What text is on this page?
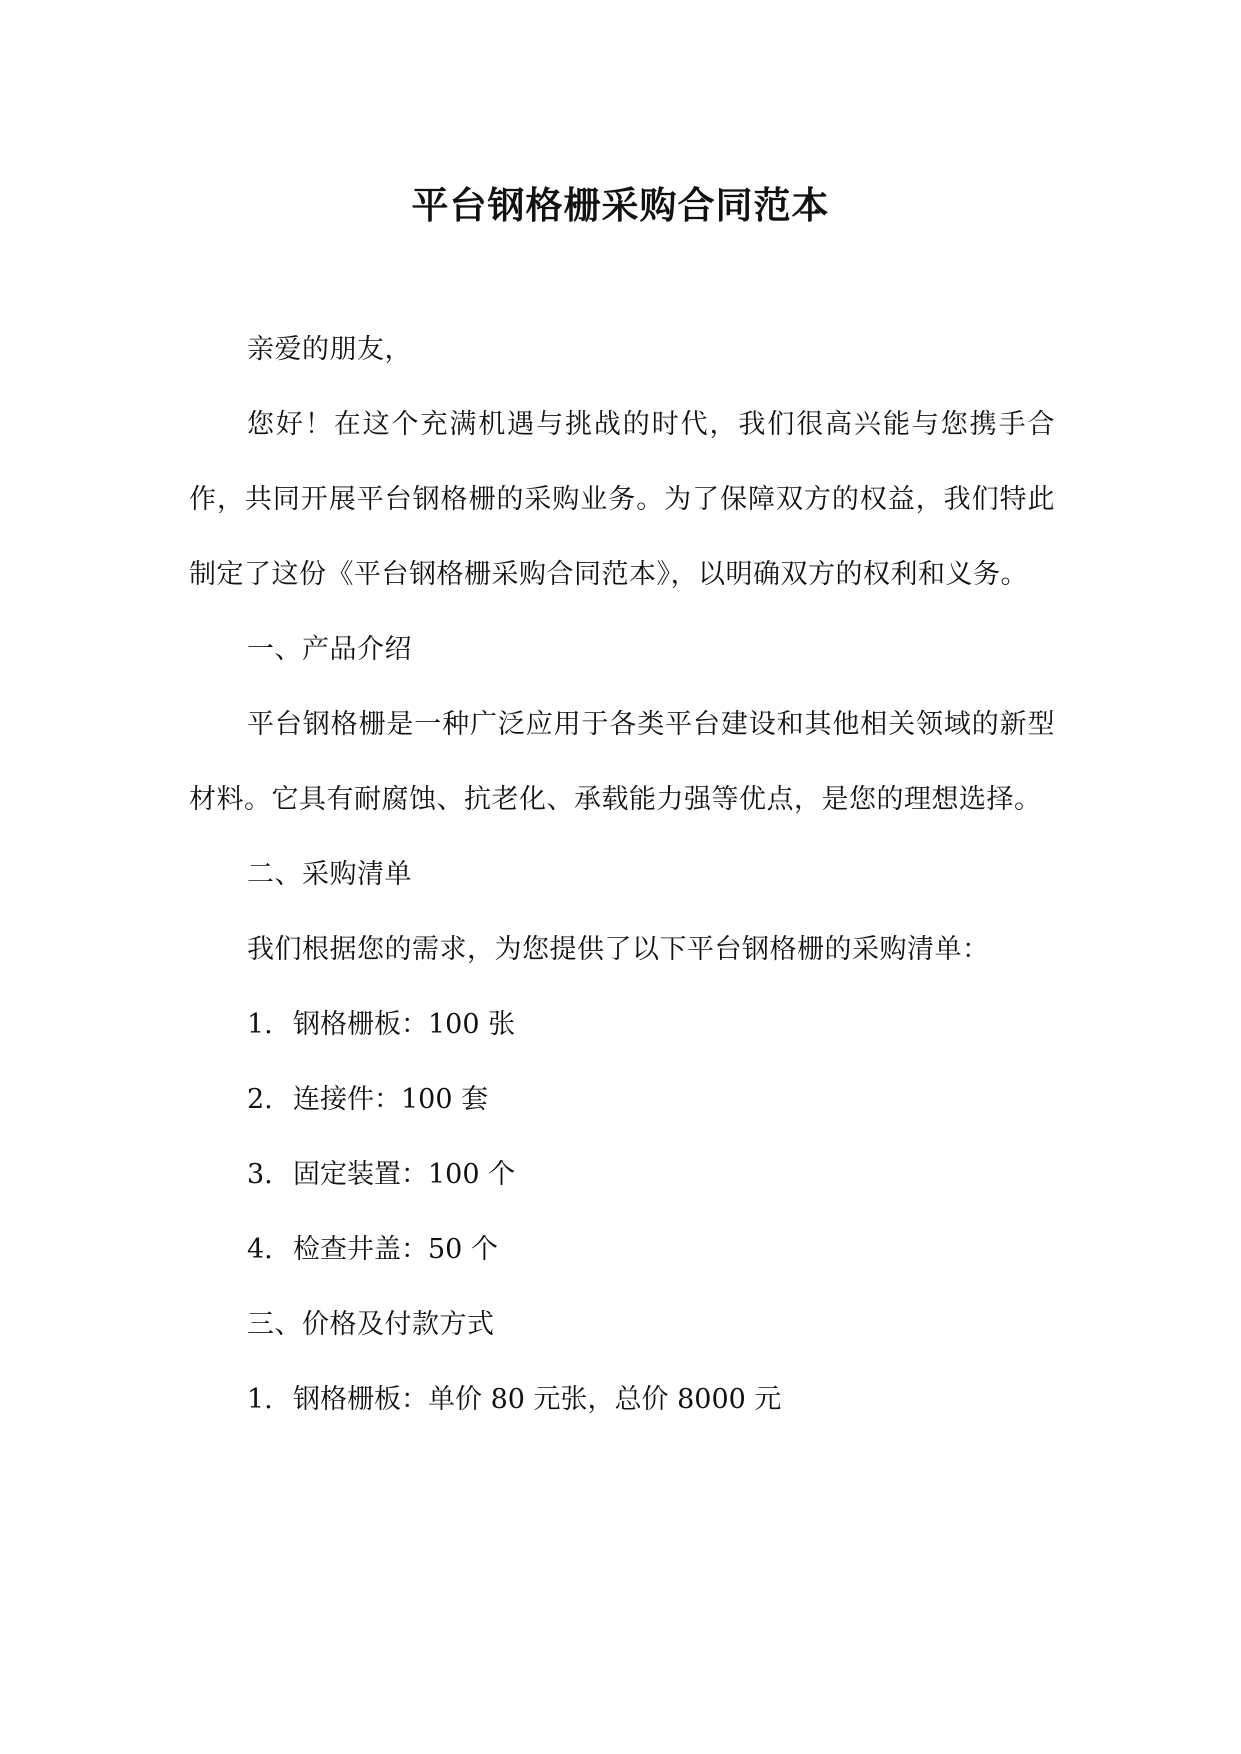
平台钢格栅采购合同范本

亲爱的朋友，

您好！在这个充满机遇与挑战的时代，我们很高兴能与您携手合作，共同开展平台钢格栅的采购业务。为了保障双方的权益，我们特此制定了这份《平台钢格栅采购合同范本》，以明确双方的权利和义务。

一、产品介绍

平台钢格栅是一种广泛应用于各类平台建设和其他相关领域的新型材料。它具有耐腐蚀、抗老化、承载能力强等优点，是您的理想选择。

二、采购清单

我们根据您的需求，为您提供了以下平台钢格栅的采购清单：

1. 钢格栅板：100 张

2. 连接件：100 套

3. 固定装置：100 个

4. 检查井盖：50 个

三、价格及付款方式

1. 钢格栅板：单价 80 元张，总价 8000 元
